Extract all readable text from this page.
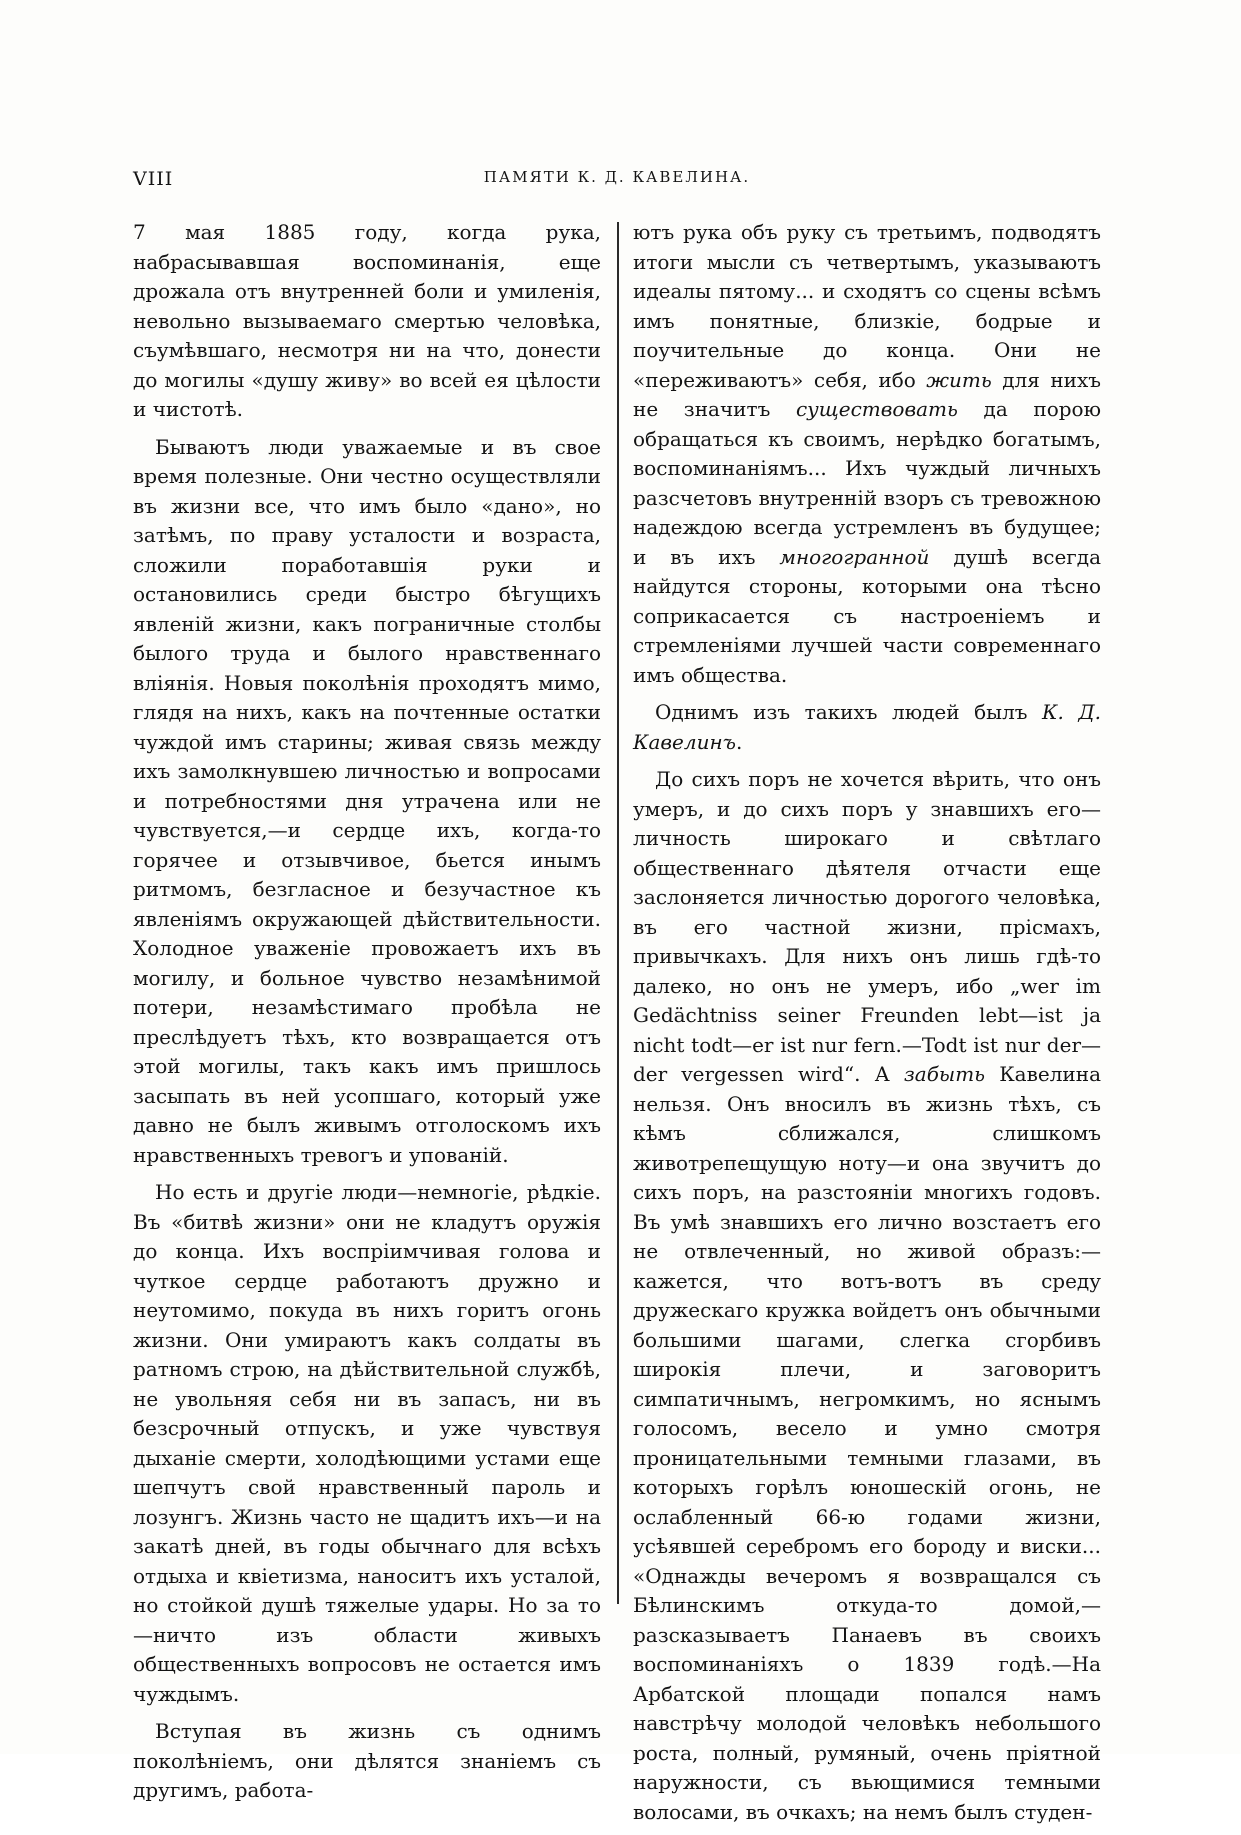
VIII	ПАМЯТИ К. Д. КАВЕЛИНА.

7 мая 1885 году, когда рука, набрасывавшая воспоминанія, еще дрожала отъ внутренней боли и умиленія, невольно вызываемаго смертью человѣка, съумѣвшаго, несмотря ни на что, донести до могилы «душу живу» во всей ея цѣлости и чистотѣ.

Бываютъ люди уважаемые и въ свое время полезные. Они честно осуществляли въ жизни все, что имъ было «дано», но затѣмъ, по праву усталости и возраста, сложили поработавшія руки и остановились среди быстро бѣгущихъ явленій жизни, какъ пограничные столбы былого труда и былого нравственнаго вліянія. Новыя поколѣнія проходятъ мимо, глядя на нихъ, какъ на почтенные остатки чуждой имъ старины; живая связь между ихъ замолкнувшею личностью и вопросами и потребностями дня утрачена или не чувствуется,—и сердце ихъ, когда-то горячее и отзывчивое, бьется инымъ ритмомъ, безгласное и безучастное къ явленіямъ окружающей дѣйствительности. Холодное уваженіе провожаетъ ихъ въ могилу, и больное чувство незамѣнимой потери, незамѣстимаго пробѣла не преслѣдуетъ тѣхъ, кто возвращается отъ этой могилы, такъ какъ имъ пришлось засыпать въ ней усопшаго, который уже давно не былъ живымъ отголоскомъ ихъ нравственныхъ тревогъ и упованій.

Но есть и другіе люди—немногіе, рѣдкіе. Въ «битвѣ жизни» они не кладутъ оружія до конца. Ихъ воспріимчивая голова и чуткое сердце работаютъ дружно и неутомимо, покуда въ нихъ горитъ огонь жизни. Они умираютъ какъ солдаты въ ратномъ строю, на дѣйствительной службѣ, не увольняя себя ни въ запасъ, ни въ безсрочный отпускъ, и уже чувствуя дыханіе смерти, холодѣющими устами еще шепчутъ свой нравственный пароль и лозунгъ. Жизнь часто не щадитъ ихъ—и на закатѣ дней, въ годы обычнаго для всѣхъ отдыха и квіетизма, наноситъ ихъ усталой, но стойкой душѣ тяжелые удары. Но за то—ничто изъ области живыхъ общественныхъ вопросовъ не остается имъ чуждымъ.

Вступая въ жизнь съ однимъ поколѣніемъ, они дѣлятся знаніемъ съ другимъ, работа-

ютъ рука объ руку съ третьимъ, подводятъ итоги мысли съ четвертымъ, указываютъ идеалы пятому... и сходятъ со сцены всѣмъ имъ понятные, близкіе, бодрые и поучительные до конца. Они не «переживаютъ» себя, ибо жить для нихъ не значитъ существовать да порою обращаться къ своимъ, нерѣдко богатымъ, воспоминаніямъ... Ихъ чуждый личныхъ разсчетовъ внутренній взоръ съ тревожною надеждою всегда устремленъ въ будущее; и въ ихъ многогранной душѣ всегда найдутся стороны, которыми она тѣсно соприкасается съ настроеніемъ и стремленіями лучшей части современнаго имъ общества.

Однимъ изъ такихъ людей былъ К. Д. Кавелинъ.

До сихъ поръ не хочется вѣрить, что онъ умеръ, и до сихъ поръ у знавшихъ его—личность широкаго и свѣтлаго общественнаго дѣятеля отчасти еще заслоняется личностью дорогого человѣка, въ его частной жизни, прісмахъ, привычкахъ. Для нихъ онъ лишь гдѣ-то далеко, но онъ не умеръ, ибо „wer im Gedächtniss seiner Freunden lebt—ist ja nicht todt—er ist nur fern.—Todt ist nur der—der vergessen wird“. А забыть Кавелина нельзя. Онъ вносилъ въ жизнь тѣхъ, съ кѣмъ сближался, слишкомъ животрепещущую ноту—и она звучитъ до сихъ поръ, на разстояніи многихъ годовъ. Въ умѣ знавшихъ его лично возстаетъ его не отвлеченный, но живой образъ:—кажется, что вотъ-вотъ въ среду дружескаго кружка войдетъ онъ обычными большими шагами, слегка сгорбивъ широкія плечи, и заговоритъ симпатичнымъ, негромкимъ, но яснымъ голосомъ, весело и умно смотря проницательными темными глазами, въ которыхъ горѣлъ юношескій огонь, не ослабленный 66-ю годами жизни, усѣявшей серебромъ его бороду и виски... «Однажды вечеромъ я возвращался съ Бѣлинскимъ откуда-то домой,—разсказываетъ Панаевъ въ своихъ воспоминаніяхъ о 1839 годѣ.—На Арбатской площади попался намъ навстрѣчу молодой человѣкъ небольшого роста, полный, румяный, очень пріятной наружности, съ вьющимися темными волосами, въ очкахъ; на немъ былъ студен-
